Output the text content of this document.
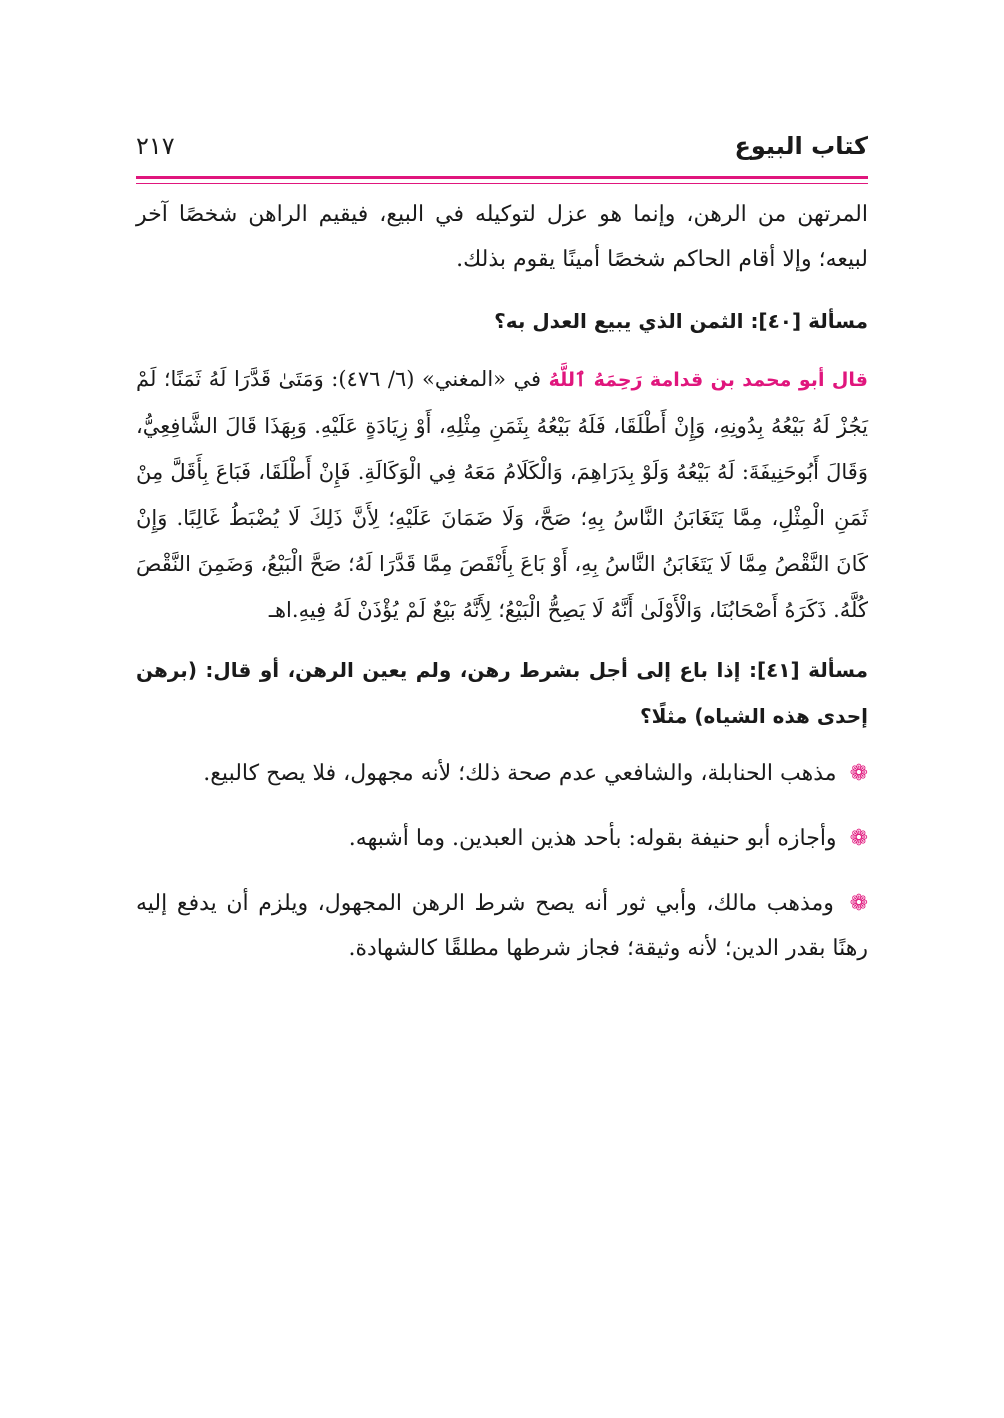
كتاب البيوع
٢١٧

المرتهن من الرهن، وإنما هو عزل لتوكيله في البيع، فيقيم الراهن شخصًا آخر لبيعه؛ وإلا أقام الحاكم شخصًا أمينًا يقوم بذلك.

مسألة [٤٠]: الثمن الذي يبيع العدل به؟

قال أبو محمد بن قدامة رَحِمَهُ ٱللَّهُ في «المغني» (٦/ ٤٧٦): وَمَتَىٰ قَدَّرَا لَهُ ثَمَنًا؛ لَمْ يَجُزْ لَهُ بَيْعُهُ بِدُونِهِ، وَإِنْ أَطْلَقَا، فَلَهُ بَيْعُهُ بِثَمَنِ مِثْلِهِ، أَوْ زِيَادَةٍ عَلَيْهِ. وَبِهَذَا قَالَ الشَّافِعِيُّ، وَقَالَ أَبُوحَنِيفَةَ: لَهُ بَيْعُهُ وَلَوْ بِدَرَاهِمَ، وَالْكَلَامُ مَعَهُ فِي الْوَكَالَةِ. فَإِنْ أَطْلَقَا، فَبَاعَ بِأَقَلَّ مِنْ ثَمَنِ الْمِثْلِ، مِمَّا يَتَغَابَنُ النَّاسُ بِهِ؛ صَحَّ، وَلَا ضَمَانَ عَلَيْهِ؛ لِأَنَّ ذَلِكَ لَا يُضْبَطُ غَالِبًا. وَإِنْ كَانَ النَّقْصُ مِمَّا لَا يَتَغَابَنُ النَّاسُ بِهِ، أَوْ بَاعَ بِأَنْقَصَ مِمَّا قَدَّرَا لَهُ؛ صَحَّ الْبَيْعُ، وَضَمِنَ النَّقْصَ كُلَّهُ. ذَكَرَهُ أَصْحَابُنَا، وَالْأَوْلَىٰ أَنَّهُ لَا يَصِحُّ الْبَيْعُ؛ لِأَنَّهُ بَيْعٌ لَمْ يُؤْذَنْ لَهُ فِيهِ.اهـ

مسألة [٤١]: إذا باع إلى أجل بشرط رهن، ولم يعين الرهن، أو قال: (برهن إحدى هذه الشياه) مثلًا؟

❁ مذهب الحنابلة، والشافعي عدم صحة ذلك؛ لأنه مجهول، فلا يصح كالبيع.

❁ وأجازه أبو حنيفة بقوله: بأحد هذين العبدين. وما أشبهه.

❁ ومذهب مالك، وأبي ثور أنه يصح شرط الرهن المجهول، ويلزم أن يدفع إليه رهنًا بقدر الدين؛ لأنه وثيقة؛ فجاز شرطها مطلقًا كالشهادة.
